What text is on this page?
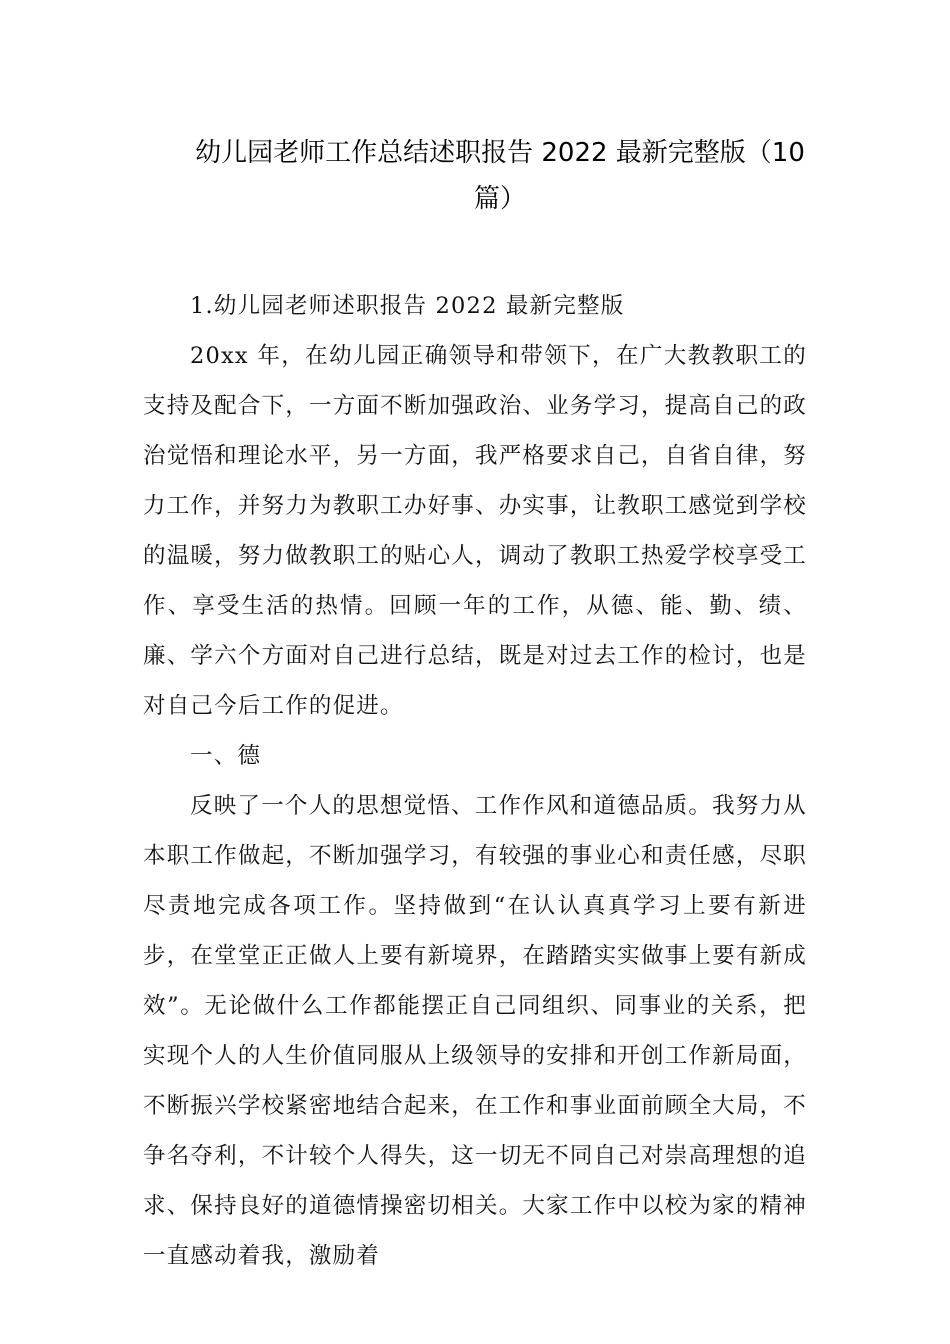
幼儿园老师工作总结述职报告 2022 最新完整版（10
篇）

1.幼儿园老师述职报告 2022 最新完整版

20xx 年，在幼儿园正确领导和带领下，在广大教教职工的支持及配合下，一方面不断加强政治、业务学习，提高自己的政治觉悟和理论水平，另一方面，我严格要求自己，自省自律，努力工作，并努力为教职工办好事、办实事，让教职工感觉到学校的温暖，努力做教职工的贴心人，调动了教职工热爱学校享受工作、享受生活的热情。回顾一年的工作，从德、能、勤、绩、廉、学六个方面对自己进行总结，既是对过去工作的检讨，也是对自己今后工作的促进。

一、德

反映了一个人的思想觉悟、工作作风和道德品质。我努力从本职工作做起，不断加强学习，有较强的事业心和责任感，尽职尽责地完成各项工作。坚持做到“在认认真真学习上要有新进步，在堂堂正正做人上要有新境界，在踏踏实实做事上要有新成效”。无论做什么工作都能摆正自己同组织、同事业的关系，把实现个人的人生价值同服从上级领导的安排和开创工作新局面，不断振兴学校紧密地结合起来，在工作和事业面前顾全大局，不争名夺利，不计较个人得失，这一切无不同自己对崇高理想的追求、保持良好的道德情操密切相关。大家工作中以校为家的精神一直感动着我，激励着
